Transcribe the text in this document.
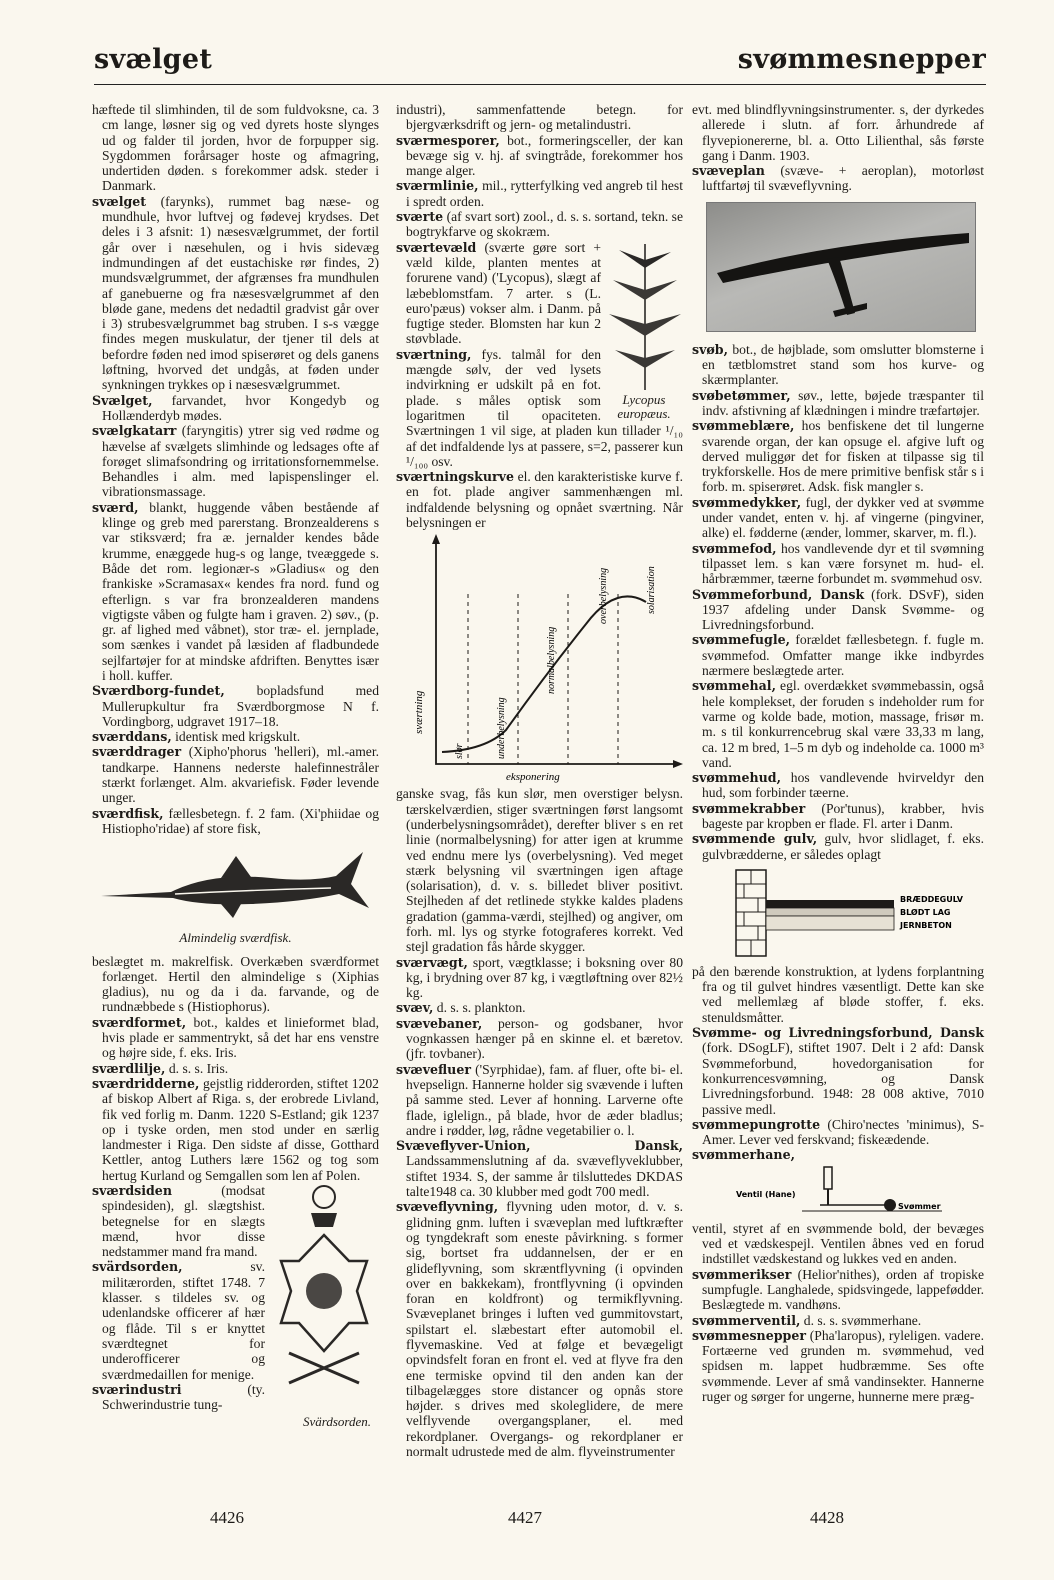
svælget	svømmesnepper

hæftede til slimhinden, til de som fuldvoksne, ca. 3 cm lange, løsner sig og ved dyrets hoste slynges ud og falder til jorden, hvor de forpupper sig. Sygdommen forårsager hoste og afmagring, undertiden døden. s forekommer adsk. steder i Danmark.

svælget (farynks), rummet bag næse- og mundhule, hvor luftvej og fødevej krydses. Det deles i 3 afsnit: 1) næsesvælgrummet, der fortil går over i næsehulen, og i hvis sidevæg indmundingen af det eustachiske rør findes, 2) mundsvælgrummet, der afgrænses fra mundhulen af ganebuerne og fra næsesvælgrummet af den bløde gane, medens det nedadtil gradvist går over i 3) strubesvælgrummet bag struben. I s-s vægge findes megen muskulatur, der tjener til dels at befordre føden ned imod spiserøret og dels ganens løftning, hvorved det undgås, at føden under synkningen trykkes op i næsesvælgrummet.

Svælget, farvandet, hvor Kongedyb og Hollænderdyb mødes.

svælgkatarr (faryngitis) ytrer sig ved rødme og hævelse af svælgets slimhinde og ledsages ofte af forøget slimafsondring og irritationsfornemmelse. Behandles i alm. med lapispenslinger el. vibrationsmassage.

sværd, blankt, huggende våben bestående af klinge og greb med parerstang. Bronzealderens s var stiksværd; fra æ. jernalder kendes både krumme, enæggede hug-s og lange, tveæggede s. Både det rom. legionær-s »Gladius« og den frankiske »Scramasax« kendes fra nord. fund og efterlign. s var fra bronzealderen mandens vigtigste våben og fulgte ham i graven. 2) søv., (p. gr. af lighed med våbnet), stor træ- el. jernplade, som sænkes i vandet på læsiden af fladbundede sejlfartøjer for at mindske afdriften. Benyttes især i holl. kuffer.

Sværdborg-fundet, bopladsfund med Mullerupkultur fra Sværdborgmose N f. Vordingborg, udgravet 1917–18.

sværddans, identisk med krigskult.

sværddrager (Xipho'phorus 'helleri), ml.-amer. tandkarpe. Hannens nederste halefinnestråler stærkt forlænget. Alm. akvariefisk. Føder levende unger.

sværdfisk, fællesbetegn. f. 2 fam. (Xi'phiidae og Histiopho'ridae) af store fisk,

Almindelig sværdfisk.

beslægtet m. makrelfisk. Overkæben sværdformet forlænget. Hertil den almindelige s (Xiphias gladius), nu og da i da. farvande, og de rundnæbbede s (Histiophorus).

sværdformet, bot., kaldes et linieformet blad, hvis plade er sammentrykt, så det har ens venstre og højre side, f. eks. Iris.

sværdlilje, d. s. s. Iris.

sværdridderne, gejstlig ridderorden, stiftet 1202 af biskop Albert af Riga. s, der erobrede Livland, fik ved forlig m. Danm. 1220 S-Estland; gik 1237 op i tyske orden, men stod under en særlig landmester i Riga. Den sidste af disse, Gotthard Kettler, antog Luthers lære 1562 og tog som hertug Kurland og Semgallen som len af Polen.

sværdsiden	(modsat spindesiden), gl. slægtshist. betegnelse for en slægts mænd, hvor disse nedstammer mand fra mand.

svärdsorden,	sv. militærorden, stiftet 1748. 7 klasser. s tildeles sv. og udenlandske officerer af hær og flåde. Til s er knyttet sværdtegnet for underofficerer og sværdmedaillen for menige.

sværindustri	(ty. Schwerindustrie tung-

Svärdsorden.

industri), sammenfattende betegn. for bjergværksdrift og jern- og metalindustri.

sværmesporer, bot., formeringsceller, der kan bevæge sig v. hj. af svingtråde, forekommer hos mange alger.

sværmlinie, mil., rytterfylking ved angreb til hest i spredt orden.

sværte (af svart sort) zool., d. s. s. sortand, tekn. se bogtrykfarve og skokræm.

Lycopus
europæus.

sværtevæld (sværte gøre sort + væld kilde, planten mentes at forurene vand) ('Lycopus), slægt af læbeblomstfam. 7 arter. s (L. euro'pæus) vokser alm. i Danm. på fugtige steder. Blomsten har kun 2 støvblade.

sværtning, fys. talmål for den mængde sølv, der ved lysets indvirkning er udskilt på en fot. plade. s måles optisk som logaritmen til opaciteten. Sværtningen 1 vil sige, at pladen kun tillader ¹/₁₀ af det indfaldende lys at passere, s=2, passerer kun ¹/₁₀₀ osv.

sværtningskurve el. den karakteristiske kurve f. en fot. plade angiver sammenhængen ml. indfaldende belysning og opnået sværtning. Når belysningen er

sværtning
slør	underbelysning
normalbelysning
overbelysning	solarisation
eksponering

ganske svag, fås kun slør, men overstiger belysn. tærskelværdien, stiger sværtningen først langsomt (underbelysningsområdet), derefter bliver s en ret linie (normalbelysning) for atter igen at krumme ved endnu mere lys (overbelysning). Ved meget stærk belysning vil sværtningen igen aftage (solarisation), d. v. s. billedet bliver positivt. Stejlheden af det retlinede stykke kaldes pladens gradation (gamma-værdi, stejlhed) og angiver, om forh. ml. lys og styrke fotograferes korrekt. Ved stejl gradation fås hårde skygger.

sværvægt, sport, vægtklasse; i boksning over 80 kg, i brydning over 87 kg, i vægtløftning over 82½ kg.

svæv, d. s. s. plankton.

svævebaner, person- og godsbaner, hvor vognkassen hænger på en skinne el. et bæretov. (jfr. tovbaner).

svævefluer ('Syrphidae), fam. af fluer, ofte bi- el. hvepselign. Hannerne holder sig svævende i luften på samme sted. Lever af honning. Larverne ofte flade, iglelign., på blade, hvor de æder bladlus; andre i rødder, løg, rådne vegetabilier o. l.

Svæveflyver-Union, Dansk, Landssammenslutning af da. svæveflyveklubber, stiftet 1934. S, der samme år tilsluttedes DKDAS talte1948 ca. 30 klubber med godt 700 medl.

svæveflyvning, flyvning uden motor, d. v. s. glidning gnm. luften i svæveplan med luftkræfter og tyngdekraft som eneste påvirkning. s former sig, bortset fra uddannelsen, der er en glideflyvning, som skræntflyvning (i opvinden over en bakkekam), frontflyvning (i opvinden foran en koldfront) og termikflyvning. Svæveplanet bringes i luften ved gummitovstart, spilstart el. slæbestart efter automobil el. flyvemaskine. Ved at følge et bevægeligt opvindsfelt foran en front el. ved at flyve fra den ene termiske opvind til den anden kan der tilbagelægges store distancer og opnås store højder. s drives med skoleglidere, de mere velflyvende overgangsplaner, el. med rekordplaner. Overgangs- og rekordplaner er normalt udrustede med de alm. flyveinstrumenter

evt. med blindflyvningsinstrumenter. s, der dyrkedes allerede i slutn. af forr. århundrede af flyvepionererne, bl. a. Otto Lilienthal, sås første gang i Danm. 1903.

svæveplan (svæve- + aeroplan), motorløst luftfartøj til svæveflyvning.

svøb, bot., de højblade, som omslutter blomsterne i en tætblomstret stand som hos kurve- og skærmplanter.

svøbetømmer, søv., lette, bøjede træspanter til indv. afstivning af klædningen i mindre træfartøjer.

svømmeblære, hos benfiskene det til lungerne svarende organ, der kan opsuge el. afgive luft og derved muliggør det for fisken at tilpasse sig til trykforskelle. Hos de mere primitive benfisk står s i forb. m. spiserøret. Adsk. fisk mangler s.

svømmedykker, fugl, der dykker ved at svømme under vandet, enten v. hj. af vingerne (pingviner, alke) el. fødderne (ænder, lommer, skarver, m. fl.).

svømmefod, hos vandlevende dyr et til svømning tilpasset lem. s kan være forsynet m. hud- el. hårbræmmer, tæerne forbundet m. svømmehud osv.

Svømmeforbund, Dansk (fork. DSvF), siden 1937 afdeling under Dansk Svømme- og Livredningsforbund.

svømmefugle, forældet fællesbetegn. f. fugle m. svømmefod. Omfatter mange ikke indbyrdes nærmere beslægtede arter.

svømmehal, egl. overdækket svømmebassin, også hele komplekset, der foruden s indeholder rum for varme og kolde bade, motion, massage, frisør m. m. s til konkurrencebrug skal være 33,33 m lang, ca. 12 m bred, 1–5 m dyb og indeholde ca. 1000 m³ vand.

svømmehud, hos vandlevende hvirveldyr den hud, som forbinder tæerne.

svømmekrabber (Por'tunus), krabber, hvis bageste par kropben er flade. Fl. arter i Danm.

svømmende gulv, gulv, hvor slidlaget, f. eks. gulvbrædderne, er således oplagt

BRÆDDEGULV
BLØDT LAG
JERNBETON

på den bærende konstruktion, at lydens forplantning fra og til gulvet hindres væsentligt. Dette kan ske ved mellemlæg af bløde stoffer, f. eks. stenuldsmåtter.

Svømme- og Livredningsforbund, Dansk (fork. DSogLF), stiftet 1907. Delt i 2 afd: Dansk Svømmeforbund, hovedorganisation for konkurrencesvømning, og Dansk Livredningsforbund. 1948: 28 008 aktive, 7010 passive medl.

svømmepungrotte (Chiro'nectes 'minimus), S-Amer. Lever ved ferskvand; fiskeædende.

svømmerhane,

Ventil (Hane)
Svømmer

ventil, styret af en svømmende bold, der bevæges ved et vædskespejl. Ventilen åbnes ved en forud indstillet vædskestand og lukkes ved en anden.

svømmerikser (Helior'nithes), orden af tropiske sumpfugle. Langhalede, spidsvingede, lappefødder. Beslægtede m. vandhøns.

svømmerventil, d. s. s. svømmerhane.

svømmesnepper (Pha'laropus), ryleligen. vadere. Fortæerne ved grunden m. svømmehud, ved spidsen m. lappet hudbræmme. Ses ofte svømmende. Lever af små vandinsekter. Hannerne ruger og sørger for ungerne, hunnerne mere præg-

4426	4427	4428
